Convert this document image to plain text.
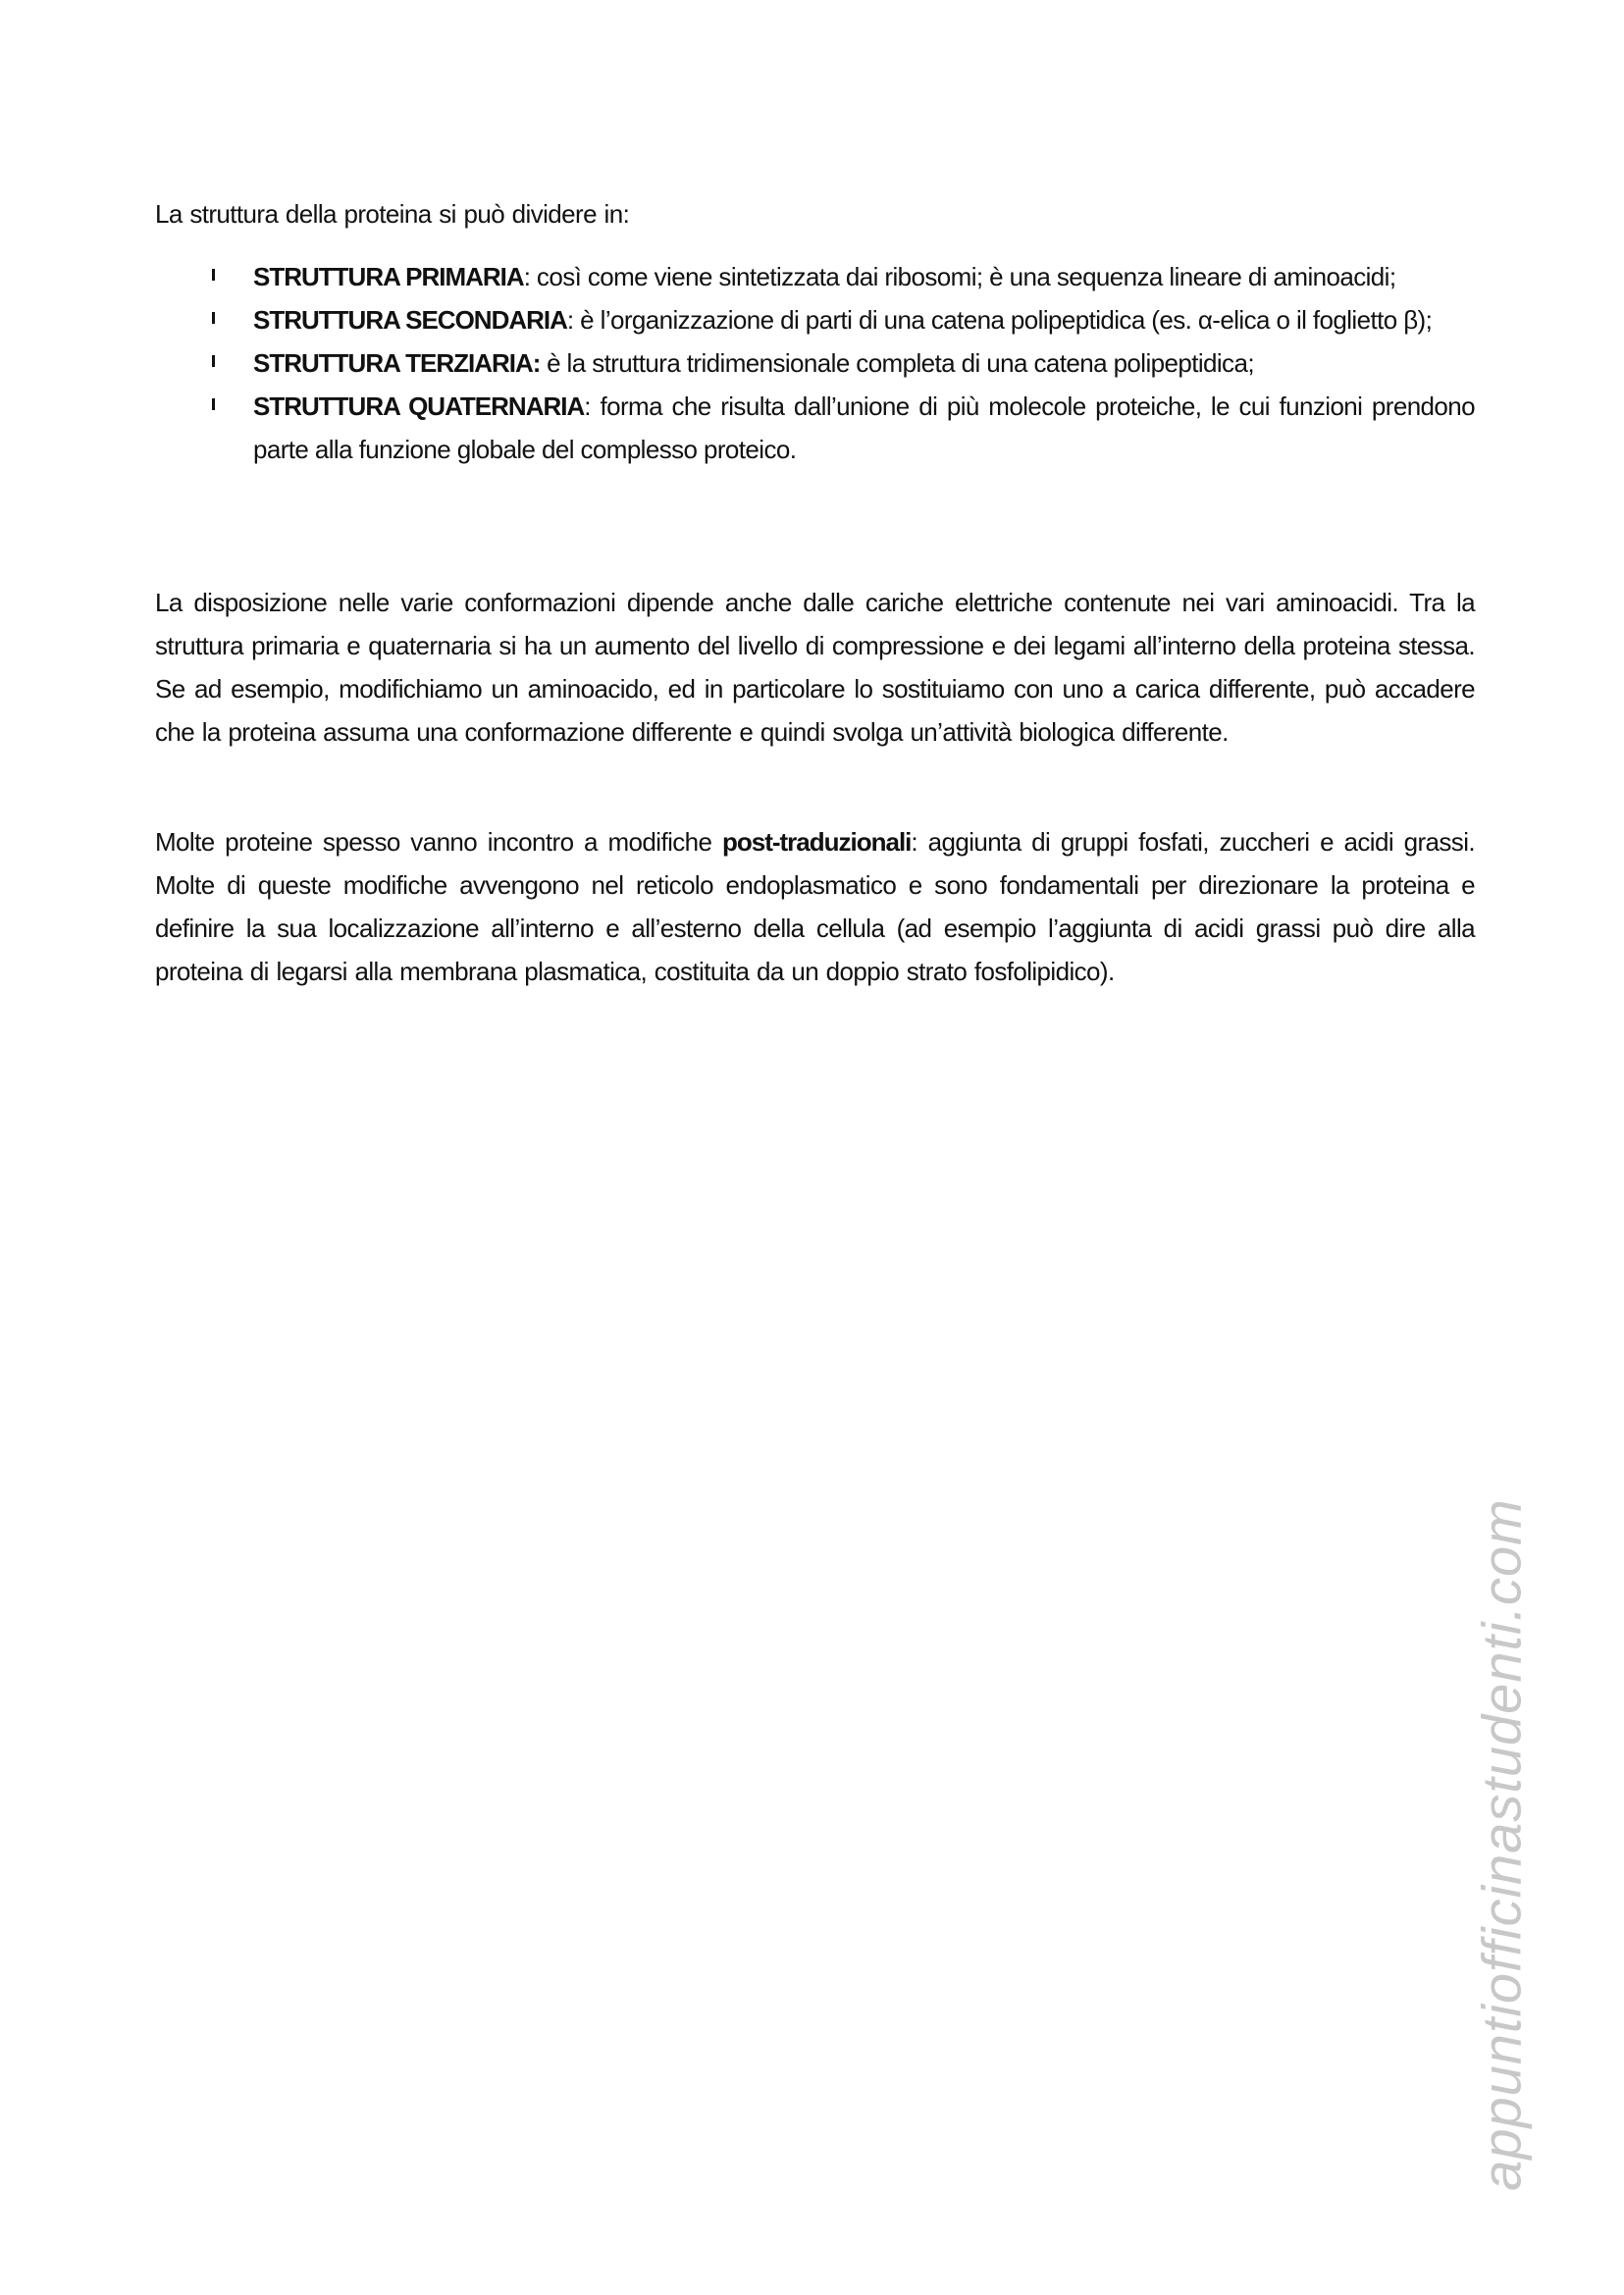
La struttura della proteina si può dividere in:

STRUTTURA PRIMARIA: così come viene sintetizzata dai ribosomi; è una sequenza lineare di aminoacidi;
STRUTTURA SECONDARIA: è l’organizzazione di parti di una catena polipeptidica (es. α-elica o il foglietto β);
STRUTTURA TERZIARIA: è la struttura tridimensionale completa di una catena polipeptidica;
STRUTTURA QUATERNARIA: forma che risulta dall’unione di più molecole proteiche, le cui funzioni prendono parte alla funzione globale del complesso proteico.

La disposizione nelle varie conformazioni dipende anche dalle cariche elettriche contenute nei vari aminoacidi. Tra la struttura primaria e quaternaria si ha un aumento del livello di compressione e dei legami all’interno della proteina stessa. Se ad esempio, modifichiamo un aminoacido, ed in particolare lo sostituiamo con uno a carica differente, può accadere che la proteina assuma una conformazione differente e quindi svolga un’attività biologica differente.

Molte proteine spesso vanno incontro a modifiche post-traduzionali: aggiunta di gruppi fosfati, zuccheri e acidi grassi. Molte di queste modifiche avvengono nel reticolo endoplasmatico e sono fondamentali per direzionare la proteina e definire la sua localizzazione all’interno e all’esterno della cellula (ad esempio l’aggiunta di acidi grassi può dire alla proteina di legarsi alla membrana plasmatica, costituita da un doppio strato fosfolipidico).

appuntiofficinastudenti.com
